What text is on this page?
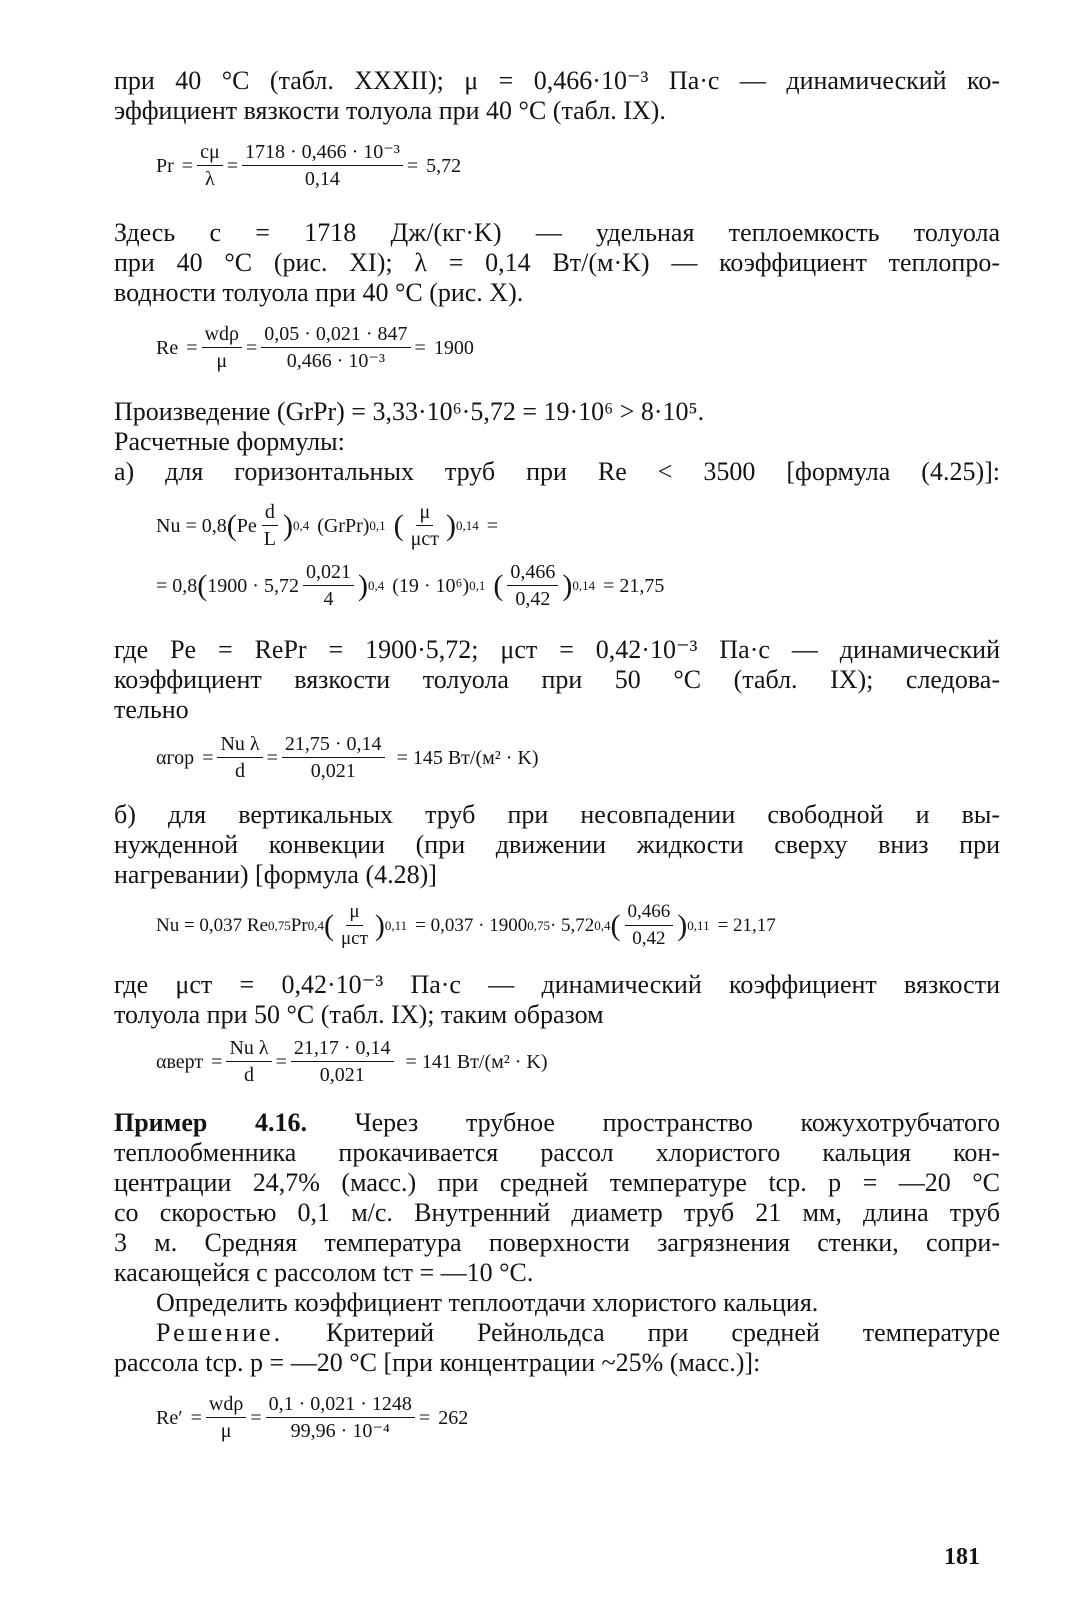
при 40 °C (табл. XXXII); μ = 0,466·10⁻³ Па·с — динамический ко-
эффициент вязкости толуола при 40 °C (табл. IX).
$Pr = \frac{c\mu}{\lambda} = \frac{\text{1718 · 0,466 · 10⁻³}}{0,14} = 5,72$
Здесь c = 1718 Дж/(кг·K) — удельная теплоемкость толуола
при 40 °C (рис. XI); λ = 0,14 Вт/(м·K) — коэффициент теплопро-
водности толуола при 40 °C (рис. X).
$Re = \frac{\text{wdρ}}{\mu} = \frac{0,05 \cdot 0,021 \cdot 847}{\text{0,466 · 10⁻³}} = 1900$
Произведение (GrPr) = 3,33·10⁶·5,72 = 19·10⁶ > 8·10⁵.
Расчетные формулы:
а) для горизонтальных труб при Re < 3500 [формула (4.25)]:
Nu = 0,8 ( Pe $\frac{d}{L}$ ) 0,4 (GrPr) 0,1 ( $\frac{\mu}{\text{μст}}$ ) 0,14 =
= 0,8 ( $1900 \cdot 5,72 \frac{0,021}{4}$ ) 0,4 (19 · 10⁶) 0,1 ( $\frac{0,466}{0,42}$ ) 0,14 = 21,75
где Pe = RePr = 1900·5,72; μст = 0,42·10⁻³ Па·с — динамический
коэффициент вязкости толуола при 50 °C (табл. IX); следова-
тельно
$\alpha гор = \frac{\text{Nu λ}}{d} = \frac{21,75 \cdot 0,14}{0,021} = 145$ Вт/(м² · K)
б) для вертикальных труб при несовпадении свободной и вы-
нужденной конвекции (при движении жидкости сверху вниз при
нагревании) [формула (4.28)]
Nu = 0,037 Re 0,75 Pr 0,4 ( $\frac{\mu}{\text{μст}}$ ) 0,11 = 0,037 · 1900 0,75 · 5,72 0,4 ( $\frac{0,466}{0,42}$ ) 0,11 = 21,17
где μст = 0,42·10⁻³ Па·с — динамический коэффициент вязкости
толуола при 50 °C (табл. IX); таким образом
αверт = $\frac{\text{Nu λ}}{d} = \frac{21,17 \cdot 0,14}{0,021} = 141$ Вт/(м² · K)
Пример 4.16. Через трубное пространство кожухотрубчатого
теплообменника прокачивается рассол хлористого кальция кон-
центрации 24,7% (масс.) при средней температуре tср. р = —20 °C
со скоростью 0,1 м/с. Внутренний диаметр труб 21 мм, длина труб
3 м. Средняя температура поверхности загрязнения стенки, сопри-
касающейся с рассолом tст = —10 °C.
Определить коэффициент теплоотдачи хлористого кальция.
Решение. Критерий Рейнольдса при средней температуре
рассола tср. р = —20 °C [при концентрации ~25% (масс.)]:
$Re' = \frac{\text{wdρ}}{\mu} = \frac{0,1 \cdot 0,021 \cdot 1248}{\text{99,96 · 10⁻⁴}} = 262$
181
